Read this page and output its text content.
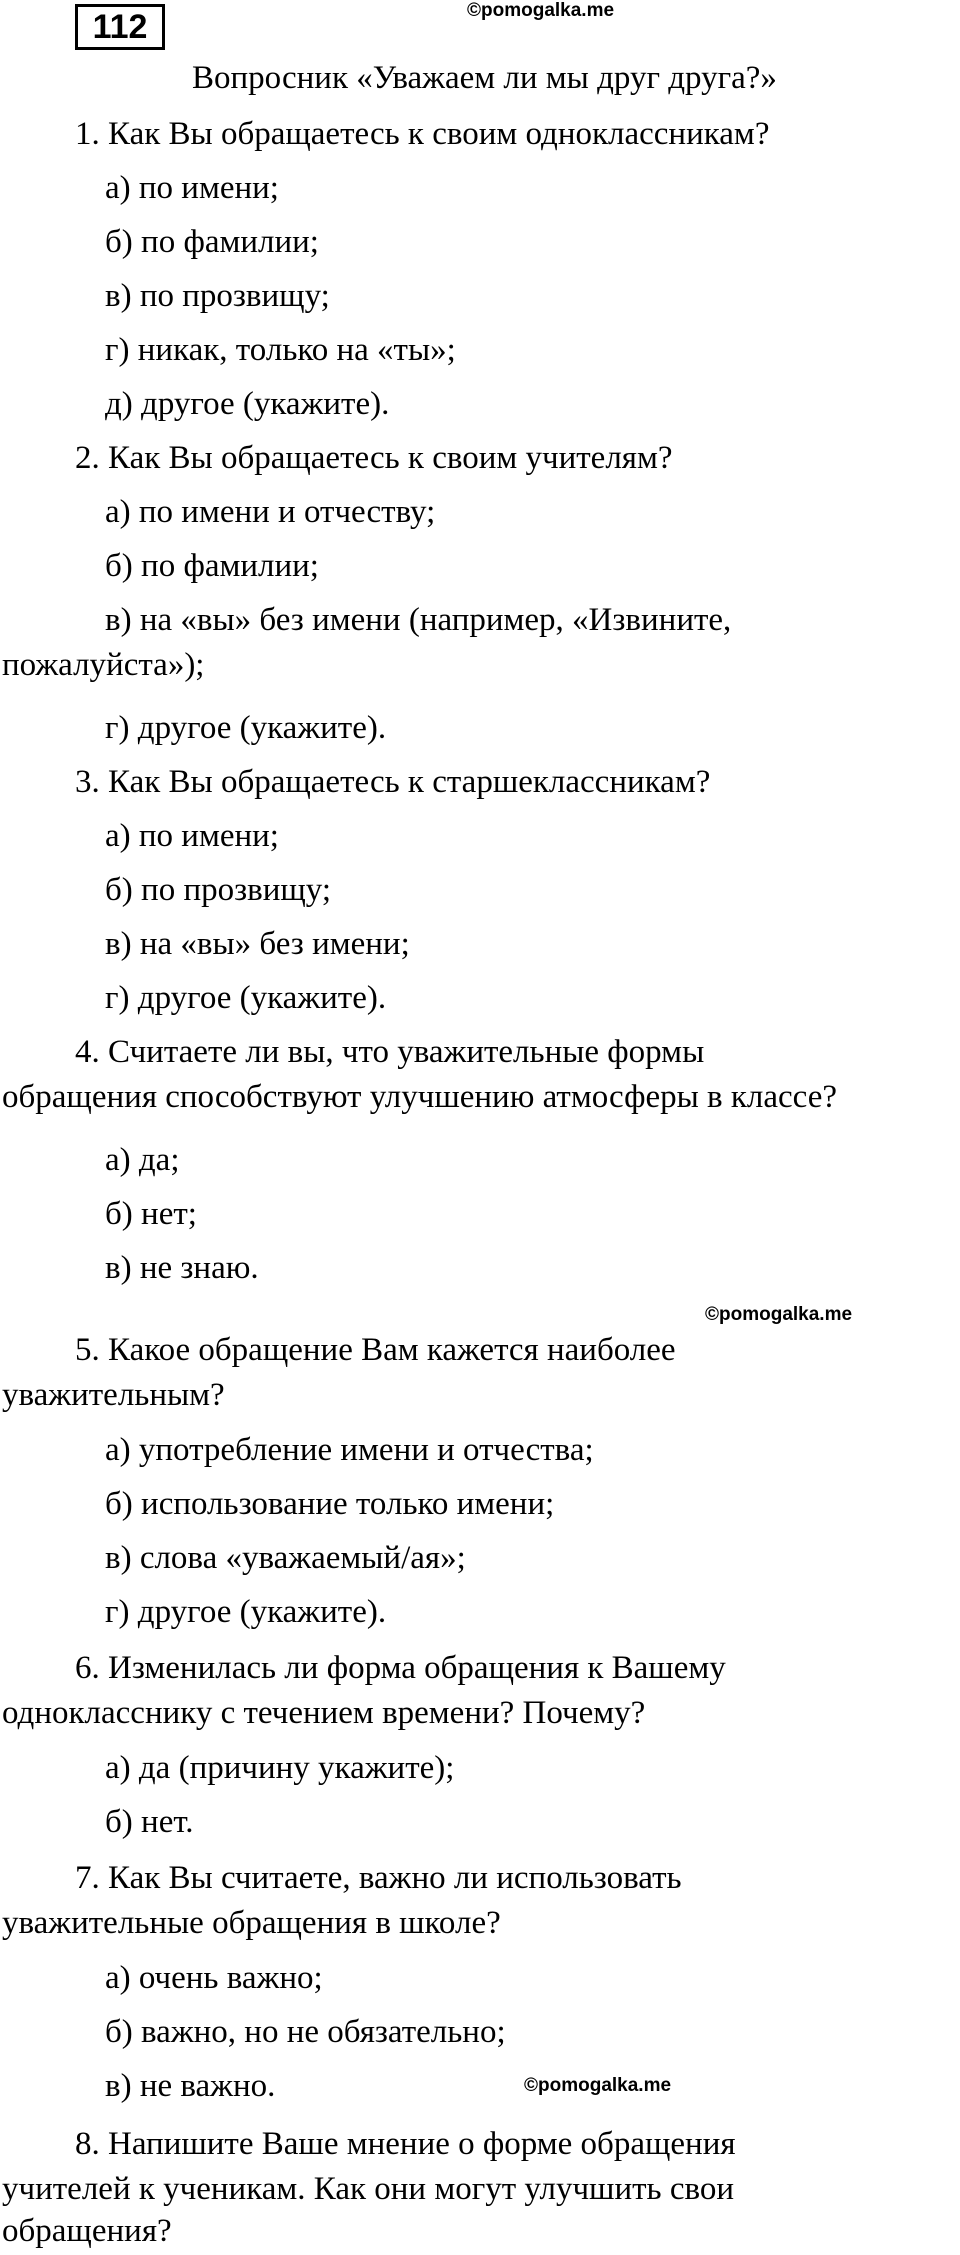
112	©pomogalka.me
©pomogalka.me
©pomogalka.me
Вопросник «Уважаем ли мы друг друга?»
1. Как Вы обращаетесь к своим одноклассникам?
а) по имени;
б) по фамилии;
в) по прозвищу;
г) никак, только на «ты»;
д) другое (укажите).
2. Как Вы обращаетесь к своим учителям?
а) по имени и отчеству;
б) по фамилии;
в) на «вы» без имени (например, «Извините,
пожалуйста»);
г) другое (укажите).
3. Как Вы обращаетесь к старшеклассникам?
а) по имени;
б) по прозвищу;
в) на «вы» без имени;
г) другое (укажите).
4. Считаете ли вы, что уважительные формы
обращения способствуют улучшению атмосферы в классе?
а) да;
б) нет;
в) не знаю.
5. Какое обращение Вам кажется наиболее
уважительным?
а) употребление имени и отчества;
б) использование только имени;
в) слова «уважаемый/ая»;
г) другое (укажите).
6. Изменилась ли форма обращения к Вашему
однокласснику с течением времени? Почему?
а) да (причину укажите);
б) нет.
7. Как Вы считаете, важно ли использовать
уважительные обращения в школе?
а) очень важно;
б) важно, но не обязательно;
в) не важно.
8. Напишите Ваше мнение о форме обращения
учителей к ученикам. Как они могут улучшить свои
обращения?
